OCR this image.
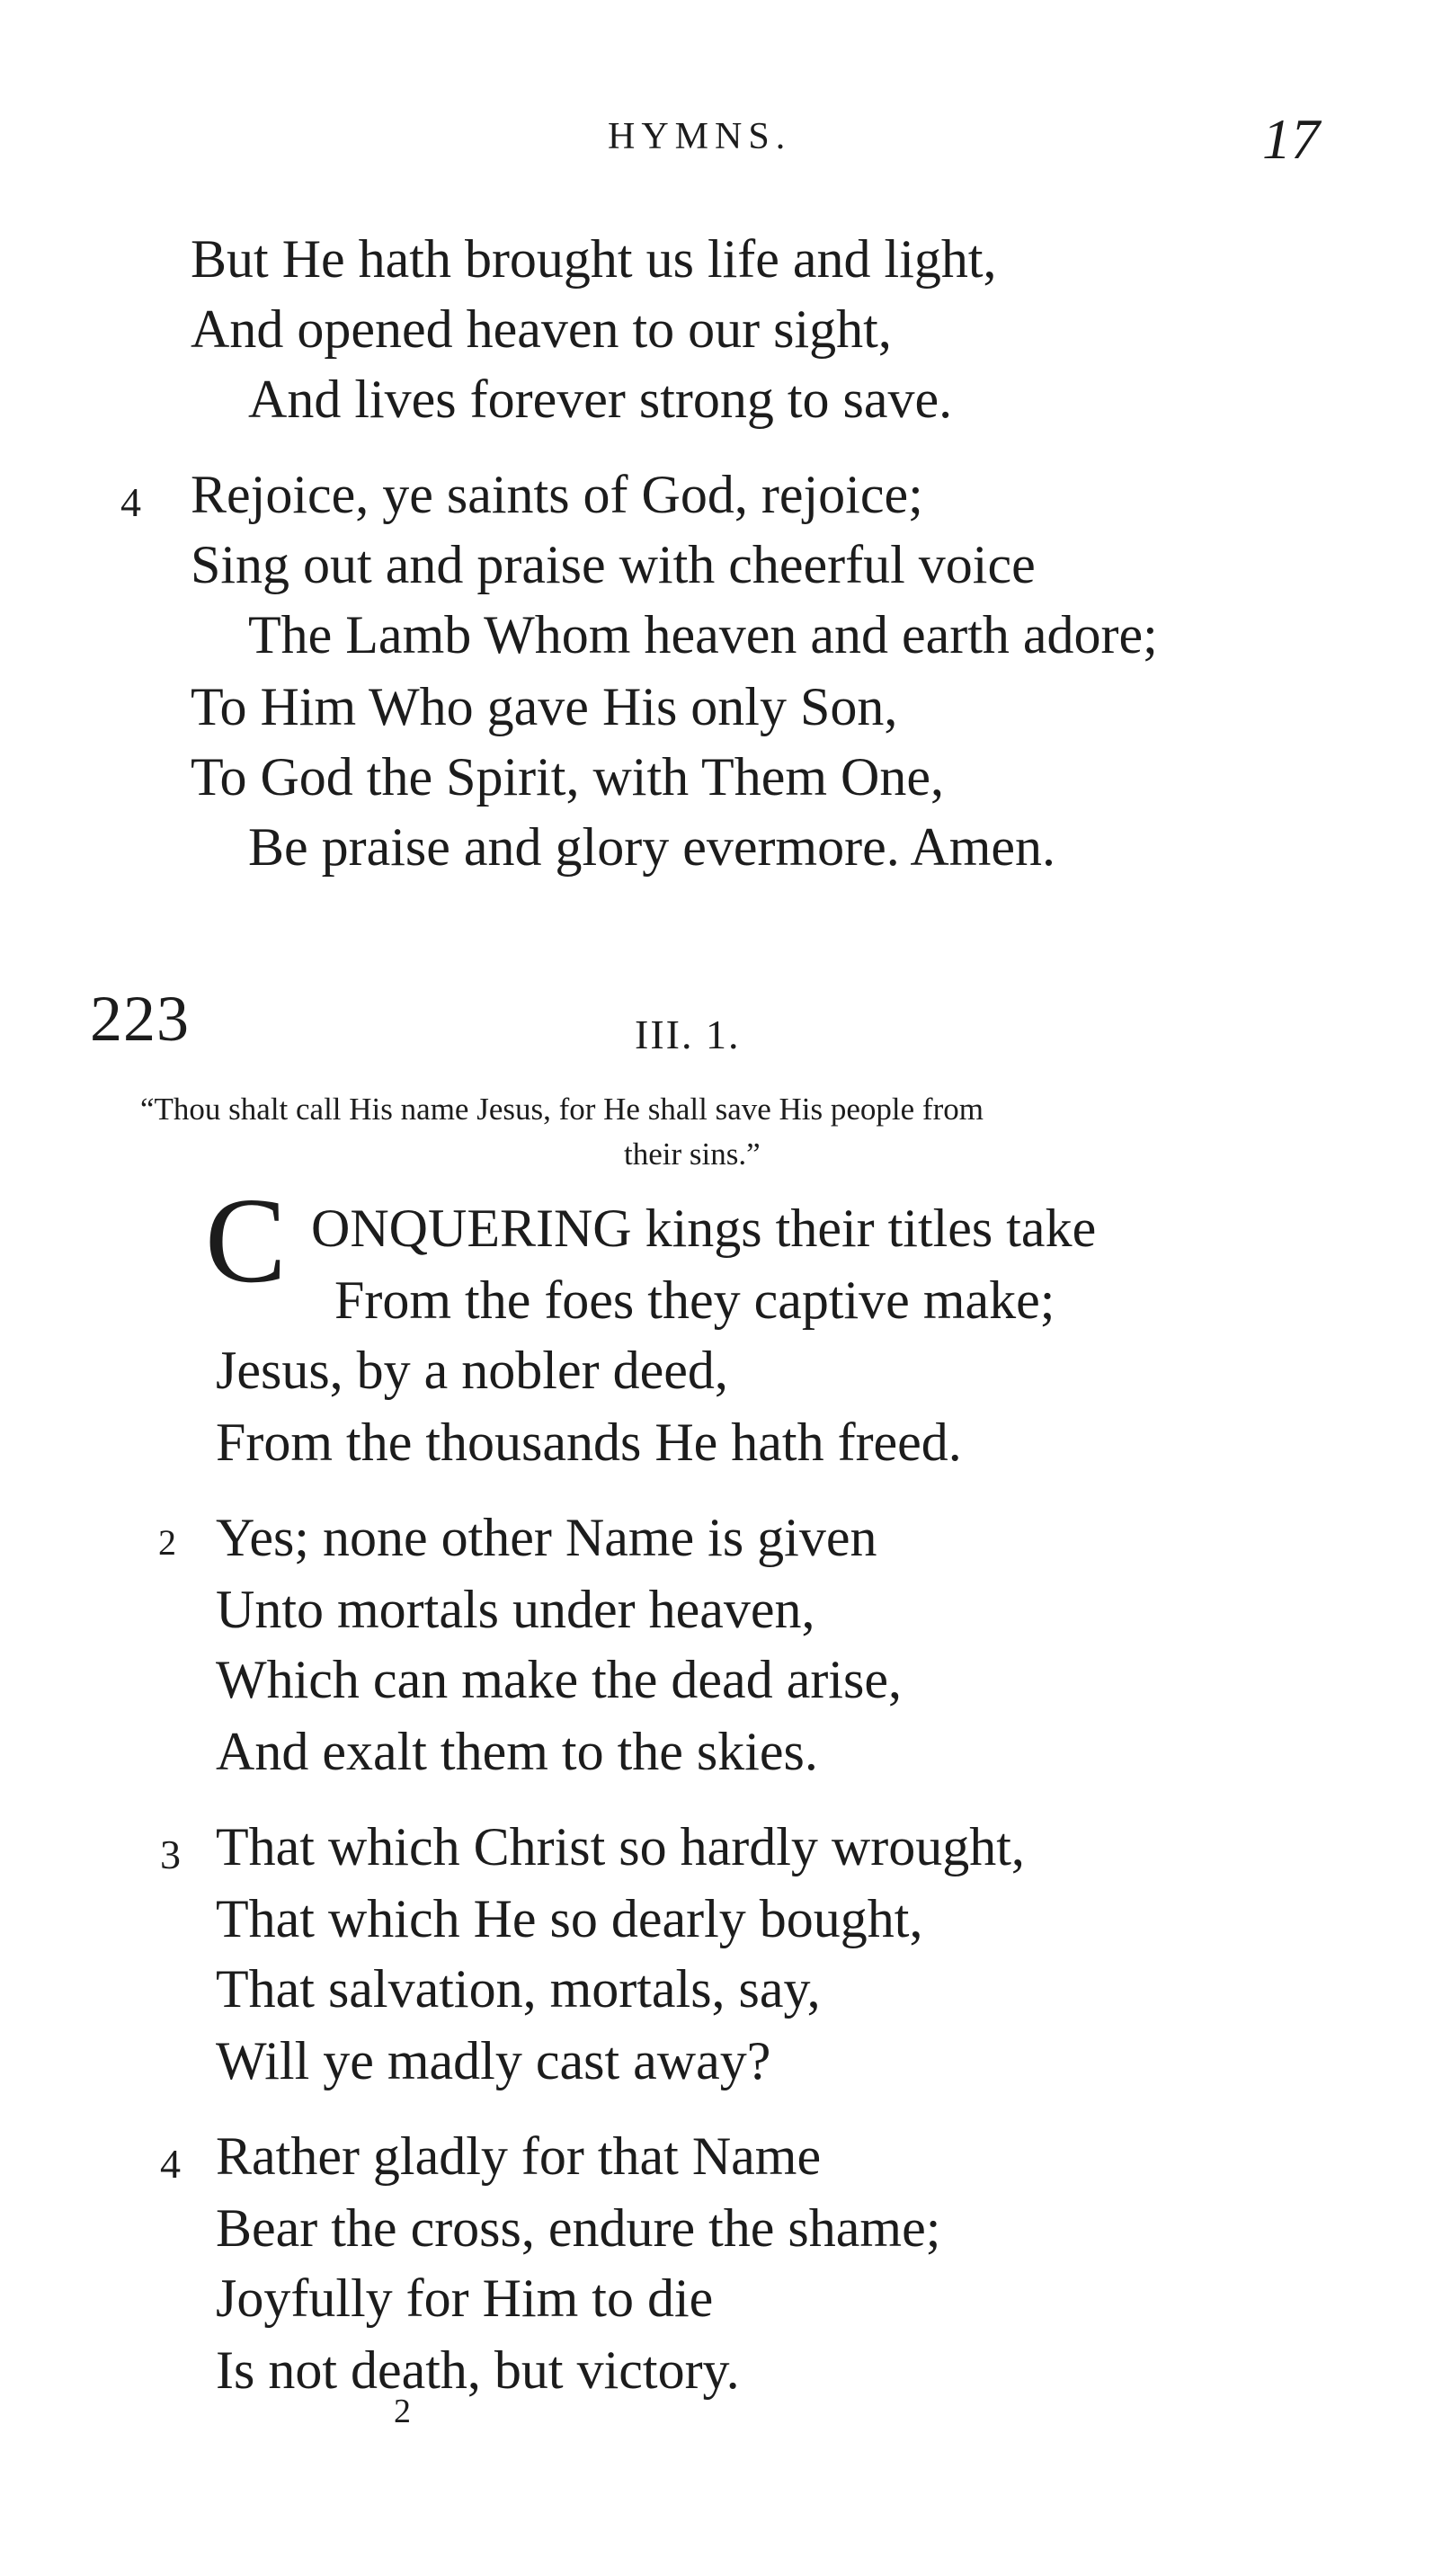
HYMNS.	17
But He hath brought us life and light,
And opened heaven to our sight,
And lives forever strong to save.
4 Rejoice, ye saints of God, rejoice;
Sing out and praise with cheerful voice
The Lamb Whom heaven and earth adore;
To Him Who gave His only Son,
To God the Spirit, with Them One,
Be praise and glory evermore. Amen.
223	III. 1.
“Thou shalt call His name Jesus, for He shall save His people from
their sins.”
C ONQUERING kings their titles take
From the foes they captive make;
Jesus, by a nobler deed,
From the thousands He hath freed.
2 Yes; none other Name is given
Unto mortals under heaven,
Which can make the dead arise,
And exalt them to the skies.
3 That which Christ so hardly wrought,
That which He so dearly bought,
That salvation, mortals, say,
Will ye madly cast away?
4 Rather gladly for that Name
Bear the cross, endure the shame;
Joyfully for Him to die
Is not death, but victory.
2
